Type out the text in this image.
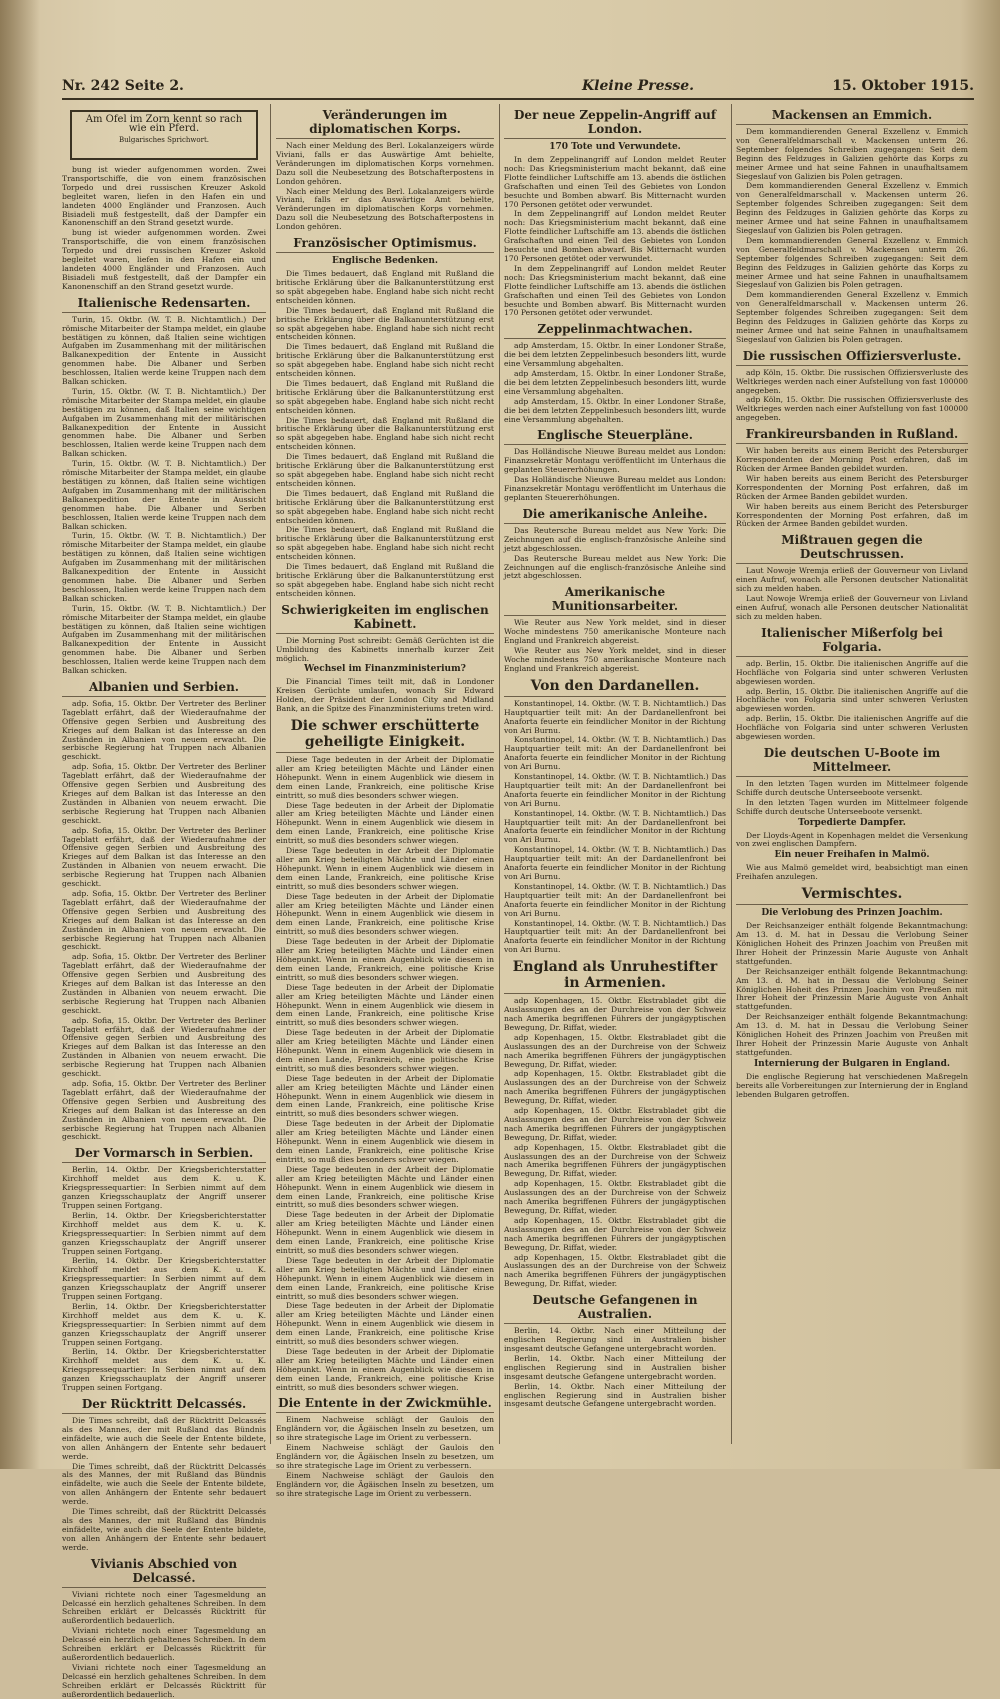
Nr. 242 Seite 2.	Kleine Presse.	15. Oktober 1915.
Am Ofel im Zorn kennt so rach wie ein Pferd.
Bulgarisches Sprichwort.

bung ist wieder aufgenommen worden. Zwei Transportschiffe, die von einem französischen Torpedo und drei russischen Kreuzer Askold begleitet waren, liefen in den Hafen ein und landeten 4000 Engländer und Franzosen. Auch Bisiadeli muß festgestellt, daß der Dampfer ein Kanonenschiff an den Strand gesetzt wurde.

bung ist wieder aufgenommen worden. Zwei Transportschiffe, die von einem französischen Torpedo und drei russischen Kreuzer Askold begleitet waren, liefen in den Hafen ein und landeten 4000 Engländer und Franzosen. Auch Bisiadeli muß festgestellt, daß der Dampfer ein Kanonenschiff an den Strand gesetzt wurde.

Italienische Redensarten.

Turin, 15. Oktbr. (W. T. B. Nichtamtlich.) Der römische Mitarbeiter der Stampa meldet, ein glaube bestätigen zu können, daß Italien seine wichtigen Aufgaben im Zusammenhang mit der militärischen Balkanexpedition der Entente in Aussicht genommen habe. Die Albaner und Serben beschlossen, Italien werde keine Truppen nach dem Balkan schicken.

Turin, 15. Oktbr. (W. T. B. Nichtamtlich.) Der römische Mitarbeiter der Stampa meldet, ein glaube bestätigen zu können, daß Italien seine wichtigen Aufgaben im Zusammenhang mit der militärischen Balkanexpedition der Entente in Aussicht genommen habe. Die Albaner und Serben beschlossen, Italien werde keine Truppen nach dem Balkan schicken.

Turin, 15. Oktbr. (W. T. B. Nichtamtlich.) Der römische Mitarbeiter der Stampa meldet, ein glaube bestätigen zu können, daß Italien seine wichtigen Aufgaben im Zusammenhang mit der militärischen Balkanexpedition der Entente in Aussicht genommen habe. Die Albaner und Serben beschlossen, Italien werde keine Truppen nach dem Balkan schicken.

Turin, 15. Oktbr. (W. T. B. Nichtamtlich.) Der römische Mitarbeiter der Stampa meldet, ein glaube bestätigen zu können, daß Italien seine wichtigen Aufgaben im Zusammenhang mit der militärischen Balkanexpedition der Entente in Aussicht genommen habe. Die Albaner und Serben beschlossen, Italien werde keine Truppen nach dem Balkan schicken.

Turin, 15. Oktbr. (W. T. B. Nichtamtlich.) Der römische Mitarbeiter der Stampa meldet, ein glaube bestätigen zu können, daß Italien seine wichtigen Aufgaben im Zusammenhang mit der militärischen Balkanexpedition der Entente in Aussicht genommen habe. Die Albaner und Serben beschlossen, Italien werde keine Truppen nach dem Balkan schicken.

Albanien und Serbien.

adp. Sofia, 15. Oktbr. Der Vertreter des Berliner Tageblatt erfährt, daß der Wiederaufnahme der Offensive gegen Serbien und Ausbreitung des Krieges auf dem Balkan ist das Interesse an den Zuständen in Albanien von neuem erwacht. Die serbische Regierung hat Truppen nach Albanien geschickt.

adp. Sofia, 15. Oktbr. Der Vertreter des Berliner Tageblatt erfährt, daß der Wiederaufnahme der Offensive gegen Serbien und Ausbreitung des Krieges auf dem Balkan ist das Interesse an den Zuständen in Albanien von neuem erwacht. Die serbische Regierung hat Truppen nach Albanien geschickt.

adp. Sofia, 15. Oktbr. Der Vertreter des Berliner Tageblatt erfährt, daß der Wiederaufnahme der Offensive gegen Serbien und Ausbreitung des Krieges auf dem Balkan ist das Interesse an den Zuständen in Albanien von neuem erwacht. Die serbische Regierung hat Truppen nach Albanien geschickt.

adp. Sofia, 15. Oktbr. Der Vertreter des Berliner Tageblatt erfährt, daß der Wiederaufnahme der Offensive gegen Serbien und Ausbreitung des Krieges auf dem Balkan ist das Interesse an den Zuständen in Albanien von neuem erwacht. Die serbische Regierung hat Truppen nach Albanien geschickt.

adp. Sofia, 15. Oktbr. Der Vertreter des Berliner Tageblatt erfährt, daß der Wiederaufnahme der Offensive gegen Serbien und Ausbreitung des Krieges auf dem Balkan ist das Interesse an den Zuständen in Albanien von neuem erwacht. Die serbische Regierung hat Truppen nach Albanien geschickt.

adp. Sofia, 15. Oktbr. Der Vertreter des Berliner Tageblatt erfährt, daß der Wiederaufnahme der Offensive gegen Serbien und Ausbreitung des Krieges auf dem Balkan ist das Interesse an den Zuständen in Albanien von neuem erwacht. Die serbische Regierung hat Truppen nach Albanien geschickt.

adp. Sofia, 15. Oktbr. Der Vertreter des Berliner Tageblatt erfährt, daß der Wiederaufnahme der Offensive gegen Serbien und Ausbreitung des Krieges auf dem Balkan ist das Interesse an den Zuständen in Albanien von neuem erwacht. Die serbische Regierung hat Truppen nach Albanien geschickt.

Der Vormarsch in Serbien.

Berlin, 14. Oktbr. Der Kriegsberichterstatter Kirchhoff meldet aus dem K. u. K. Kriegspressequartier: In Serbien nimmt auf dem ganzen Kriegsschauplatz der Angriff unserer Truppen seinen Fortgang.

Berlin, 14. Oktbr. Der Kriegsberichterstatter Kirchhoff meldet aus dem K. u. K. Kriegspressequartier: In Serbien nimmt auf dem ganzen Kriegsschauplatz der Angriff unserer Truppen seinen Fortgang.

Berlin, 14. Oktbr. Der Kriegsberichterstatter Kirchhoff meldet aus dem K. u. K. Kriegspressequartier: In Serbien nimmt auf dem ganzen Kriegsschauplatz der Angriff unserer Truppen seinen Fortgang.

Berlin, 14. Oktbr. Der Kriegsberichterstatter Kirchhoff meldet aus dem K. u. K. Kriegspressequartier: In Serbien nimmt auf dem ganzen Kriegsschauplatz der Angriff unserer Truppen seinen Fortgang.

Berlin, 14. Oktbr. Der Kriegsberichterstatter Kirchhoff meldet aus dem K. u. K. Kriegspressequartier: In Serbien nimmt auf dem ganzen Kriegsschauplatz der Angriff unserer Truppen seinen Fortgang.

Der Rücktritt Delcassés.

Die Times schreibt, daß der Rücktritt Delcassés als des Mannes, der mit Rußland das Bündnis einfädelte, wie auch die Seele der Entente bildete, von allen Anhängern der Entente sehr bedauert werde.

Die Times schreibt, daß der Rücktritt Delcassés als des Mannes, der mit Rußland das Bündnis einfädelte, wie auch die Seele der Entente bildete, von allen Anhängern der Entente sehr bedauert werde.

Die Times schreibt, daß der Rücktritt Delcassés als des Mannes, der mit Rußland das Bündnis einfädelte, wie auch die Seele der Entente bildete, von allen Anhängern der Entente sehr bedauert werde.

Vivianis Abschied von Delcassé.

Viviani richtete noch einer Tagesmeldung an Delcassé ein herzlich gehaltenes Schreiben. In dem Schreiben erklärt er Delcassés Rücktritt für außerordentlich bedauerlich.

Viviani richtete noch einer Tagesmeldung an Delcassé ein herzlich gehaltenes Schreiben. In dem Schreiben erklärt er Delcassés Rücktritt für außerordentlich bedauerlich.

Viviani richtete noch einer Tagesmeldung an Delcassé ein herzlich gehaltenes Schreiben. In dem Schreiben erklärt er Delcassés Rücktritt für außerordentlich bedauerlich.

Veränderungen im diplomatischen Korps.

Nach einer Meldung des Berl. Lokalanzeigers würde Viviani, falls er das Auswärtige Amt behielte, Veränderungen im diplomatischen Korps vornehmen. Dazu soll die Neubesetzung des Botschafterpostens in London gehören.

Nach einer Meldung des Berl. Lokalanzeigers würde Viviani, falls er das Auswärtige Amt behielte, Veränderungen im diplomatischen Korps vornehmen. Dazu soll die Neubesetzung des Botschafterpostens in London gehören.

Französischer Optimismus.
Englische Bedenken.

Die Times bedauert, daß England mit Rußland die britische Erklärung über die Balkanunterstützung erst so spät abgegeben habe. England habe sich nicht recht entscheiden können.

Die Times bedauert, daß England mit Rußland die britische Erklärung über die Balkanunterstützung erst so spät abgegeben habe. England habe sich nicht recht entscheiden können.

Die Times bedauert, daß England mit Rußland die britische Erklärung über die Balkanunterstützung erst so spät abgegeben habe. England habe sich nicht recht entscheiden können.

Die Times bedauert, daß England mit Rußland die britische Erklärung über die Balkanunterstützung erst so spät abgegeben habe. England habe sich nicht recht entscheiden können.

Die Times bedauert, daß England mit Rußland die britische Erklärung über die Balkanunterstützung erst so spät abgegeben habe. England habe sich nicht recht entscheiden können.

Die Times bedauert, daß England mit Rußland die britische Erklärung über die Balkanunterstützung erst so spät abgegeben habe. England habe sich nicht recht entscheiden können.

Die Times bedauert, daß England mit Rußland die britische Erklärung über die Balkanunterstützung erst so spät abgegeben habe. England habe sich nicht recht entscheiden können.

Die Times bedauert, daß England mit Rußland die britische Erklärung über die Balkanunterstützung erst so spät abgegeben habe. England habe sich nicht recht entscheiden können.

Die Times bedauert, daß England mit Rußland die britische Erklärung über die Balkanunterstützung erst so spät abgegeben habe. England habe sich nicht recht entscheiden können.

Schwierigkeiten im englischen Kabinett.

Die Morning Post schreibt: Gemäß Gerüchten ist die Umbildung des Kabinetts innerhalb kurzer Zeit möglich.

Wechsel im Finanzministerium?

Die Financial Times teilt mit, daß in Londoner Kreisen Gerüchte umlaufen, wonach Sir Edward Holden, der Präsident der London City and Midland Bank, an die Spitze des Finanzministeriums treten wird.

Die schwer erschütterte geheiligte Einigkeit.

Diese Tage bedeuten in der Arbeit der Diplomatie aller am Krieg beteiligten Mächte und Länder einen Höhepunkt. Wenn in einem Augenblick wie diesem in dem einen Lande, Frankreich, eine politische Krise eintritt, so muß dies besonders schwer wiegen.

Diese Tage bedeuten in der Arbeit der Diplomatie aller am Krieg beteiligten Mächte und Länder einen Höhepunkt. Wenn in einem Augenblick wie diesem in dem einen Lande, Frankreich, eine politische Krise eintritt, so muß dies besonders schwer wiegen.

Diese Tage bedeuten in der Arbeit der Diplomatie aller am Krieg beteiligten Mächte und Länder einen Höhepunkt. Wenn in einem Augenblick wie diesem in dem einen Lande, Frankreich, eine politische Krise eintritt, so muß dies besonders schwer wiegen.

Diese Tage bedeuten in der Arbeit der Diplomatie aller am Krieg beteiligten Mächte und Länder einen Höhepunkt. Wenn in einem Augenblick wie diesem in dem einen Lande, Frankreich, eine politische Krise eintritt, so muß dies besonders schwer wiegen.

Diese Tage bedeuten in der Arbeit der Diplomatie aller am Krieg beteiligten Mächte und Länder einen Höhepunkt. Wenn in einem Augenblick wie diesem in dem einen Lande, Frankreich, eine politische Krise eintritt, so muß dies besonders schwer wiegen.

Diese Tage bedeuten in der Arbeit der Diplomatie aller am Krieg beteiligten Mächte und Länder einen Höhepunkt. Wenn in einem Augenblick wie diesem in dem einen Lande, Frankreich, eine politische Krise eintritt, so muß dies besonders schwer wiegen.

Diese Tage bedeuten in der Arbeit der Diplomatie aller am Krieg beteiligten Mächte und Länder einen Höhepunkt. Wenn in einem Augenblick wie diesem in dem einen Lande, Frankreich, eine politische Krise eintritt, so muß dies besonders schwer wiegen.

Diese Tage bedeuten in der Arbeit der Diplomatie aller am Krieg beteiligten Mächte und Länder einen Höhepunkt. Wenn in einem Augenblick wie diesem in dem einen Lande, Frankreich, eine politische Krise eintritt, so muß dies besonders schwer wiegen.

Diese Tage bedeuten in der Arbeit der Diplomatie aller am Krieg beteiligten Mächte und Länder einen Höhepunkt. Wenn in einem Augenblick wie diesem in dem einen Lande, Frankreich, eine politische Krise eintritt, so muß dies besonders schwer wiegen.

Diese Tage bedeuten in der Arbeit der Diplomatie aller am Krieg beteiligten Mächte und Länder einen Höhepunkt. Wenn in einem Augenblick wie diesem in dem einen Lande, Frankreich, eine politische Krise eintritt, so muß dies besonders schwer wiegen.

Diese Tage bedeuten in der Arbeit der Diplomatie aller am Krieg beteiligten Mächte und Länder einen Höhepunkt. Wenn in einem Augenblick wie diesem in dem einen Lande, Frankreich, eine politische Krise eintritt, so muß dies besonders schwer wiegen.

Diese Tage bedeuten in der Arbeit der Diplomatie aller am Krieg beteiligten Mächte und Länder einen Höhepunkt. Wenn in einem Augenblick wie diesem in dem einen Lande, Frankreich, eine politische Krise eintritt, so muß dies besonders schwer wiegen.

Diese Tage bedeuten in der Arbeit der Diplomatie aller am Krieg beteiligten Mächte und Länder einen Höhepunkt. Wenn in einem Augenblick wie diesem in dem einen Lande, Frankreich, eine politische Krise eintritt, so muß dies besonders schwer wiegen.

Diese Tage bedeuten in der Arbeit der Diplomatie aller am Krieg beteiligten Mächte und Länder einen Höhepunkt. Wenn in einem Augenblick wie diesem in dem einen Lande, Frankreich, eine politische Krise eintritt, so muß dies besonders schwer wiegen.

Die Entente in der Zwickmühle.

Einem Nachweise schlägt der Gaulois den Engländern vor, die Ägäischen Inseln zu besetzen, um so ihre strategische Lage im Orient zu verbessern.

Einem Nachweise schlägt der Gaulois den Engländern vor, die Ägäischen Inseln zu besetzen, um so ihre strategische Lage im Orient zu verbessern.

Einem Nachweise schlägt der Gaulois den Engländern vor, die Ägäischen Inseln zu besetzen, um so ihre strategische Lage im Orient zu verbessern.

Der neue Zeppelin-Angriff auf London.
170 Tote und Verwundete.

In dem Zeppelinangriff auf London meldet Reuter noch: Das Kriegsministerium macht bekannt, daß eine Flotte feindlicher Luftschiffe am 13. abends die östlichen Grafschaften und einen Teil des Gebietes von London besuchte und Bomben abwarf. Bis Mitternacht wurden 170 Personen getötet oder verwundet.

In dem Zeppelinangriff auf London meldet Reuter noch: Das Kriegsministerium macht bekannt, daß eine Flotte feindlicher Luftschiffe am 13. abends die östlichen Grafschaften und einen Teil des Gebietes von London besuchte und Bomben abwarf. Bis Mitternacht wurden 170 Personen getötet oder verwundet.

In dem Zeppelinangriff auf London meldet Reuter noch: Das Kriegsministerium macht bekannt, daß eine Flotte feindlicher Luftschiffe am 13. abends die östlichen Grafschaften und einen Teil des Gebietes von London besuchte und Bomben abwarf. Bis Mitternacht wurden 170 Personen getötet oder verwundet.

Zeppelinmachtwachen.

adp Amsterdam, 15. Oktbr. In einer Londoner Straße, die bei dem letzten Zeppelinbesuch besonders litt, wurde eine Versammlung abgehalten.

adp Amsterdam, 15. Oktbr. In einer Londoner Straße, die bei dem letzten Zeppelinbesuch besonders litt, wurde eine Versammlung abgehalten.

adp Amsterdam, 15. Oktbr. In einer Londoner Straße, die bei dem letzten Zeppelinbesuch besonders litt, wurde eine Versammlung abgehalten.

Englische Steuerpläne.

Das Holländische Nieuwe Bureau meldet aus London: Finanzsekretär Montagu veröffentlicht im Unterhaus die geplanten Steuererhöhungen.

Das Holländische Nieuwe Bureau meldet aus London: Finanzsekretär Montagu veröffentlicht im Unterhaus die geplanten Steuererhöhungen.

Die amerikanische Anleihe.

Das Reutersche Bureau meldet aus New York: Die Zeichnungen auf die englisch-französische Anleihe sind jetzt abgeschlossen.

Das Reutersche Bureau meldet aus New York: Die Zeichnungen auf die englisch-französische Anleihe sind jetzt abgeschlossen.

Amerikanische Munitionsarbeiter.

Wie Reuter aus New York meldet, sind in dieser Woche mindestens 750 amerikanische Monteure nach England und Frankreich abgereist.

Wie Reuter aus New York meldet, sind in dieser Woche mindestens 750 amerikanische Monteure nach England und Frankreich abgereist.

Von den Dardanellen.

Konstantinopel, 14. Oktbr. (W. T. B. Nichtamtlich.) Das Hauptquartier teilt mit: An der Dardanellenfront bei Anaforta feuerte ein feindlicher Monitor in der Richtung von Ari Burnu.

Konstantinopel, 14. Oktbr. (W. T. B. Nichtamtlich.) Das Hauptquartier teilt mit: An der Dardanellenfront bei Anaforta feuerte ein feindlicher Monitor in der Richtung von Ari Burnu.

Konstantinopel, 14. Oktbr. (W. T. B. Nichtamtlich.) Das Hauptquartier teilt mit: An der Dardanellenfront bei Anaforta feuerte ein feindlicher Monitor in der Richtung von Ari Burnu.

Konstantinopel, 14. Oktbr. (W. T. B. Nichtamtlich.) Das Hauptquartier teilt mit: An der Dardanellenfront bei Anaforta feuerte ein feindlicher Monitor in der Richtung von Ari Burnu.

Konstantinopel, 14. Oktbr. (W. T. B. Nichtamtlich.) Das Hauptquartier teilt mit: An der Dardanellenfront bei Anaforta feuerte ein feindlicher Monitor in der Richtung von Ari Burnu.

Konstantinopel, 14. Oktbr. (W. T. B. Nichtamtlich.) Das Hauptquartier teilt mit: An der Dardanellenfront bei Anaforta feuerte ein feindlicher Monitor in der Richtung von Ari Burnu.

Konstantinopel, 14. Oktbr. (W. T. B. Nichtamtlich.) Das Hauptquartier teilt mit: An der Dardanellenfront bei Anaforta feuerte ein feindlicher Monitor in der Richtung von Ari Burnu.

England als Unruhestifter in Armenien.

adp Kopenhagen, 15. Oktbr. Ekstrabladet gibt die Auslassungen des an der Durchreise von der Schweiz nach Amerika begriffenen Führers der jungägyptischen Bewegung, Dr. Riffat, wieder.

adp Kopenhagen, 15. Oktbr. Ekstrabladet gibt die Auslassungen des an der Durchreise von der Schweiz nach Amerika begriffenen Führers der jungägyptischen Bewegung, Dr. Riffat, wieder.

adp Kopenhagen, 15. Oktbr. Ekstrabladet gibt die Auslassungen des an der Durchreise von der Schweiz nach Amerika begriffenen Führers der jungägyptischen Bewegung, Dr. Riffat, wieder.

adp Kopenhagen, 15. Oktbr. Ekstrabladet gibt die Auslassungen des an der Durchreise von der Schweiz nach Amerika begriffenen Führers der jungägyptischen Bewegung, Dr. Riffat, wieder.

adp Kopenhagen, 15. Oktbr. Ekstrabladet gibt die Auslassungen des an der Durchreise von der Schweiz nach Amerika begriffenen Führers der jungägyptischen Bewegung, Dr. Riffat, wieder.

adp Kopenhagen, 15. Oktbr. Ekstrabladet gibt die Auslassungen des an der Durchreise von der Schweiz nach Amerika begriffenen Führers der jungägyptischen Bewegung, Dr. Riffat, wieder.

adp Kopenhagen, 15. Oktbr. Ekstrabladet gibt die Auslassungen des an der Durchreise von der Schweiz nach Amerika begriffenen Führers der jungägyptischen Bewegung, Dr. Riffat, wieder.

adp Kopenhagen, 15. Oktbr. Ekstrabladet gibt die Auslassungen des an der Durchreise von der Schweiz nach Amerika begriffenen Führers der jungägyptischen Bewegung, Dr. Riffat, wieder.

Deutsche Gefangenen in Australien.

Berlin, 14. Oktbr. Nach einer Mitteilung der englischen Regierung sind in Australien bisher insgesamt deutsche Gefangene untergebracht worden.

Berlin, 14. Oktbr. Nach einer Mitteilung der englischen Regierung sind in Australien bisher insgesamt deutsche Gefangene untergebracht worden.

Berlin, 14. Oktbr. Nach einer Mitteilung der englischen Regierung sind in Australien bisher insgesamt deutsche Gefangene untergebracht worden.

Mackensen an Emmich.

Dem kommandierenden General Exzellenz v. Emmich von Generalfeldmarschall v. Mackensen unterm 26. September folgendes Schreiben zugegangen: Seit dem Beginn des Feldzuges in Galizien gehörte das Korps zu meiner Armee und hat seine Fahnen in unaufhaltsamem Siegeslauf von Galizien bis Polen getragen.

Dem kommandierenden General Exzellenz v. Emmich von Generalfeldmarschall v. Mackensen unterm 26. September folgendes Schreiben zugegangen: Seit dem Beginn des Feldzuges in Galizien gehörte das Korps zu meiner Armee und hat seine Fahnen in unaufhaltsamem Siegeslauf von Galizien bis Polen getragen.

Dem kommandierenden General Exzellenz v. Emmich von Generalfeldmarschall v. Mackensen unterm 26. September folgendes Schreiben zugegangen: Seit dem Beginn des Feldzuges in Galizien gehörte das Korps zu meiner Armee und hat seine Fahnen in unaufhaltsamem Siegeslauf von Galizien bis Polen getragen.

Dem kommandierenden General Exzellenz v. Emmich von Generalfeldmarschall v. Mackensen unterm 26. September folgendes Schreiben zugegangen: Seit dem Beginn des Feldzuges in Galizien gehörte das Korps zu meiner Armee und hat seine Fahnen in unaufhaltsamem Siegeslauf von Galizien bis Polen getragen.

Die russischen Offiziersverluste.

adp Köln, 15. Oktbr. Die russischen Offiziersverluste des Weltkrieges werden nach einer Aufstellung von fast 100000 angegeben.

adp Köln, 15. Oktbr. Die russischen Offiziersverluste des Weltkrieges werden nach einer Aufstellung von fast 100000 angegeben.

Frankireursbanden in Rußland.

Wir haben bereits aus einem Bericht des Petersburger Korrespondenten der Morning Post erfahren, daß im Rücken der Armee Banden gebildet wurden.

Wir haben bereits aus einem Bericht des Petersburger Korrespondenten der Morning Post erfahren, daß im Rücken der Armee Banden gebildet wurden.

Wir haben bereits aus einem Bericht des Petersburger Korrespondenten der Morning Post erfahren, daß im Rücken der Armee Banden gebildet wurden.

Mißtrauen gegen die Deutschrussen.

Laut Nowoje Wremja erließ der Gouverneur von Livland einen Aufruf, wonach alle Personen deutscher Nationalität sich zu melden haben.

Laut Nowoje Wremja erließ der Gouverneur von Livland einen Aufruf, wonach alle Personen deutscher Nationalität sich zu melden haben.

Italienischer Mißerfolg bei Folgaria.

adp. Berlin, 15. Oktbr. Die italienischen Angriffe auf die Hochfläche von Folgaria sind unter schweren Verlusten abgewiesen worden.

adp. Berlin, 15. Oktbr. Die italienischen Angriffe auf die Hochfläche von Folgaria sind unter schweren Verlusten abgewiesen worden.

adp. Berlin, 15. Oktbr. Die italienischen Angriffe auf die Hochfläche von Folgaria sind unter schweren Verlusten abgewiesen worden.

Die deutschen U-Boote im Mittelmeer.

In den letzten Tagen wurden im Mittelmeer folgende Schiffe durch deutsche Unterseeboote versenkt.

In den letzten Tagen wurden im Mittelmeer folgende Schiffe durch deutsche Unterseeboote versenkt.

Torpedierte Dampfer.

Der Lloyds-Agent in Kopenhagen meldet die Versenkung von zwei englischen Dampfern.

Ein neuer Freihafen in Malmö.

Wie aus Malmö gemeldet wird, beabsichtigt man einen Freihafen anzulegen.

Vermischtes.
Die Verlobung des Prinzen Joachim.

Der Reichsanzeiger enthält folgende Bekanntmachung: Am 13. d. M. hat in Dessau die Verlobung Seiner Königlichen Hoheit des Prinzen Joachim von Preußen mit Ihrer Hoheit der Prinzessin Marie Auguste von Anhalt stattgefunden.

Der Reichsanzeiger enthält folgende Bekanntmachung: Am 13. d. M. hat in Dessau die Verlobung Seiner Königlichen Hoheit des Prinzen Joachim von Preußen mit Ihrer Hoheit der Prinzessin Marie Auguste von Anhalt stattgefunden.

Der Reichsanzeiger enthält folgende Bekanntmachung: Am 13. d. M. hat in Dessau die Verlobung Seiner Königlichen Hoheit des Prinzen Joachim von Preußen mit Ihrer Hoheit der Prinzessin Marie Auguste von Anhalt stattgefunden.

Internierung der Bulgaren in England.

Die englische Regierung hat verschiedenen Maßregeln bereits alle Vorbereitungen zur Internierung der in England lebenden Bulgaren getroffen.
